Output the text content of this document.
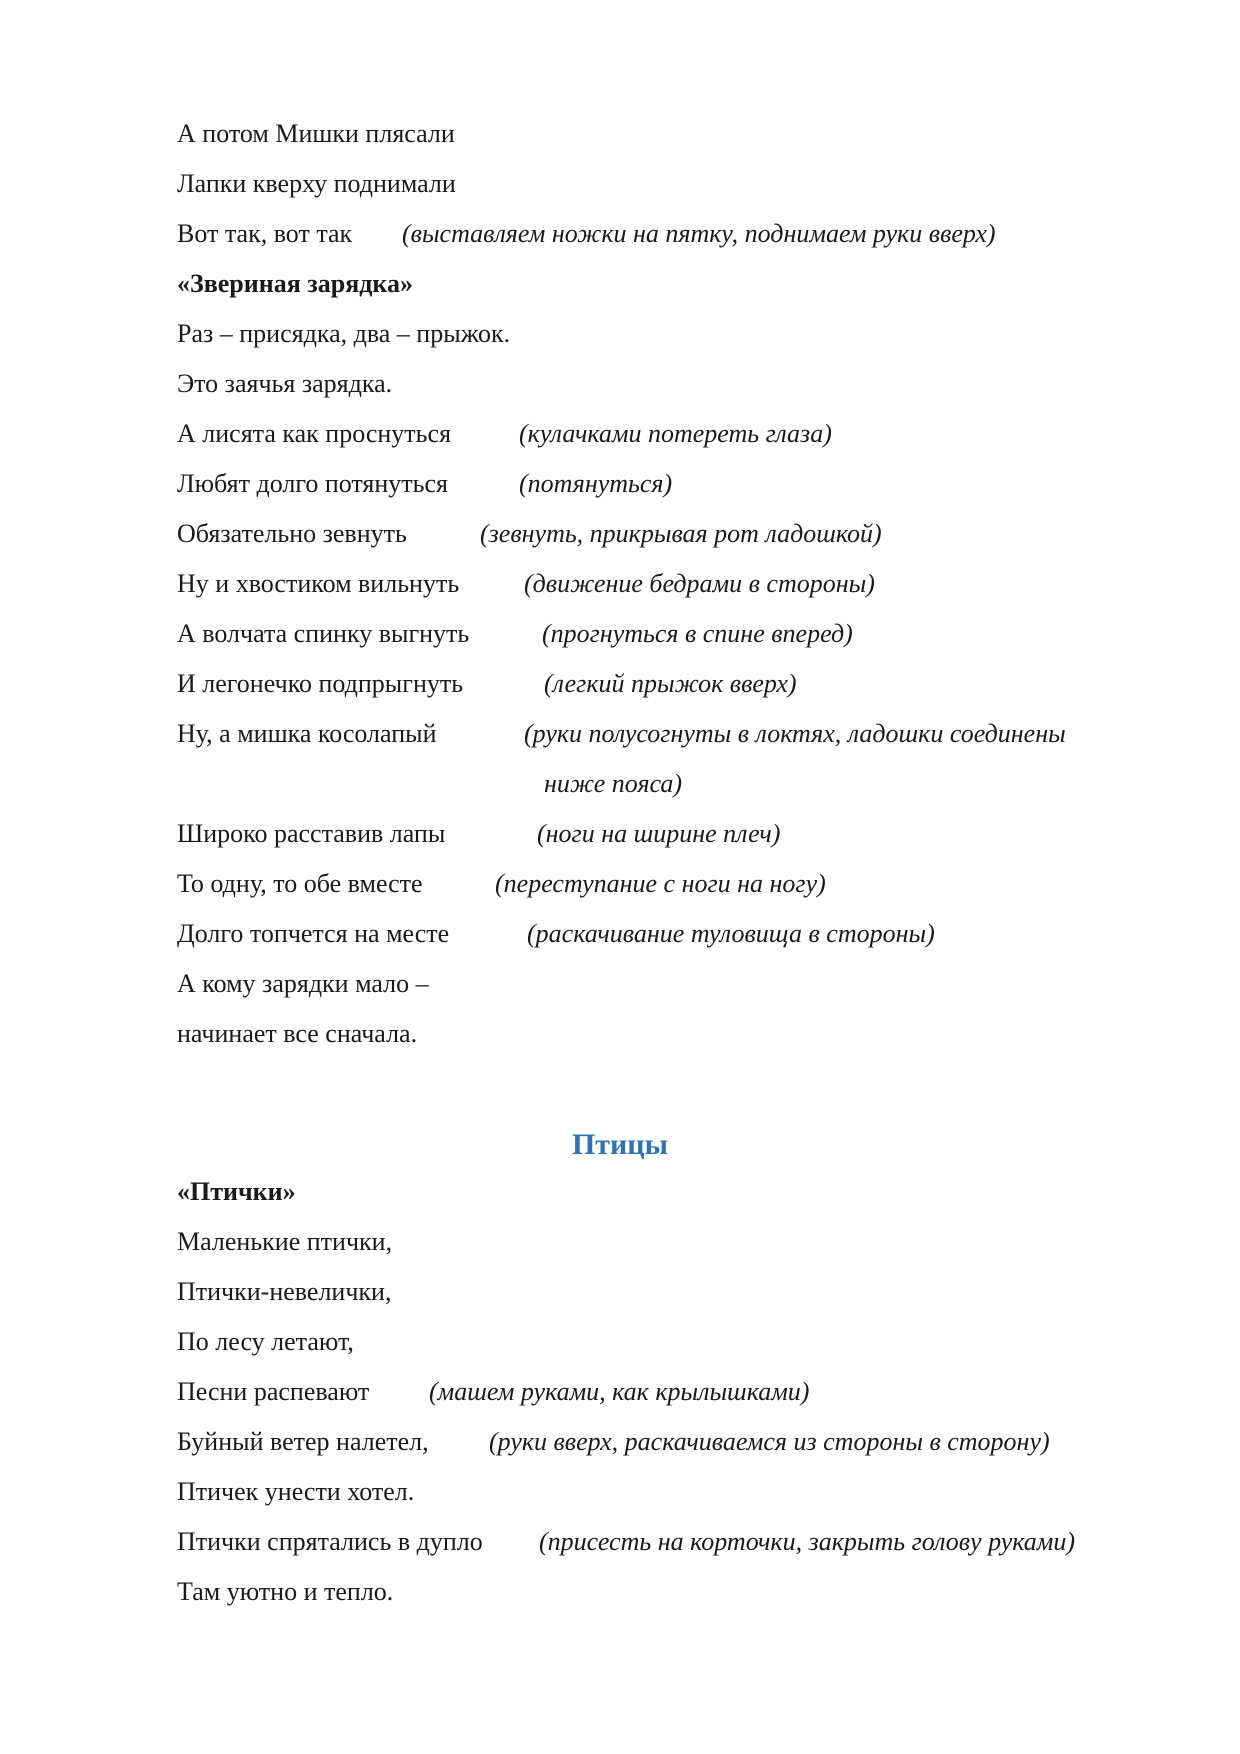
А потом Мишки плясали
Лапки кверху поднимали
Вот так, вот так (выставляем ножки на пятку, поднимаем руки вверх)
«Звериная зарядка»
Раз – присядка, два – прыжок.
Это заячья зарядка.
А лисята как проснуться	(кулачками потереть глаза)
Любят долго потянуться	(потянуться)
Обязательно зевнуть	(зевнуть, прикрывая рот ладошкой)
Ну и хвостиком вильнуть (движение бедрами в стороны)
А волчата спинку выгнуть	(прогнуться в спине вперед)
И легонечко подпрыгнуть	(легкий прыжок вверх)
Ну, а мишка косолапый	(руки полусогнуты в локтях, ладошки соединены
ниже пояса)
Широко расставив лапы	(ноги на ширине плеч)
То одну, то обе вместе	(переступание с ноги на ногу)
Долго топчется на месте	(раскачивание туловища в стороны)
А кому зарядки мало –
начинает все сначала.
Птицы
«Птички»
Маленькие птички,
Птички-невелички,
По лесу летают,
Песни распевают (машем руками, как крылышками)
Буйный ветер налетел, (руки вверх, раскачиваемся из стороны в сторону)
Птичек унести хотел.
Птички спрятались в дупло (присесть на корточки, закрыть голову руками)
Там уютно и тепло.
